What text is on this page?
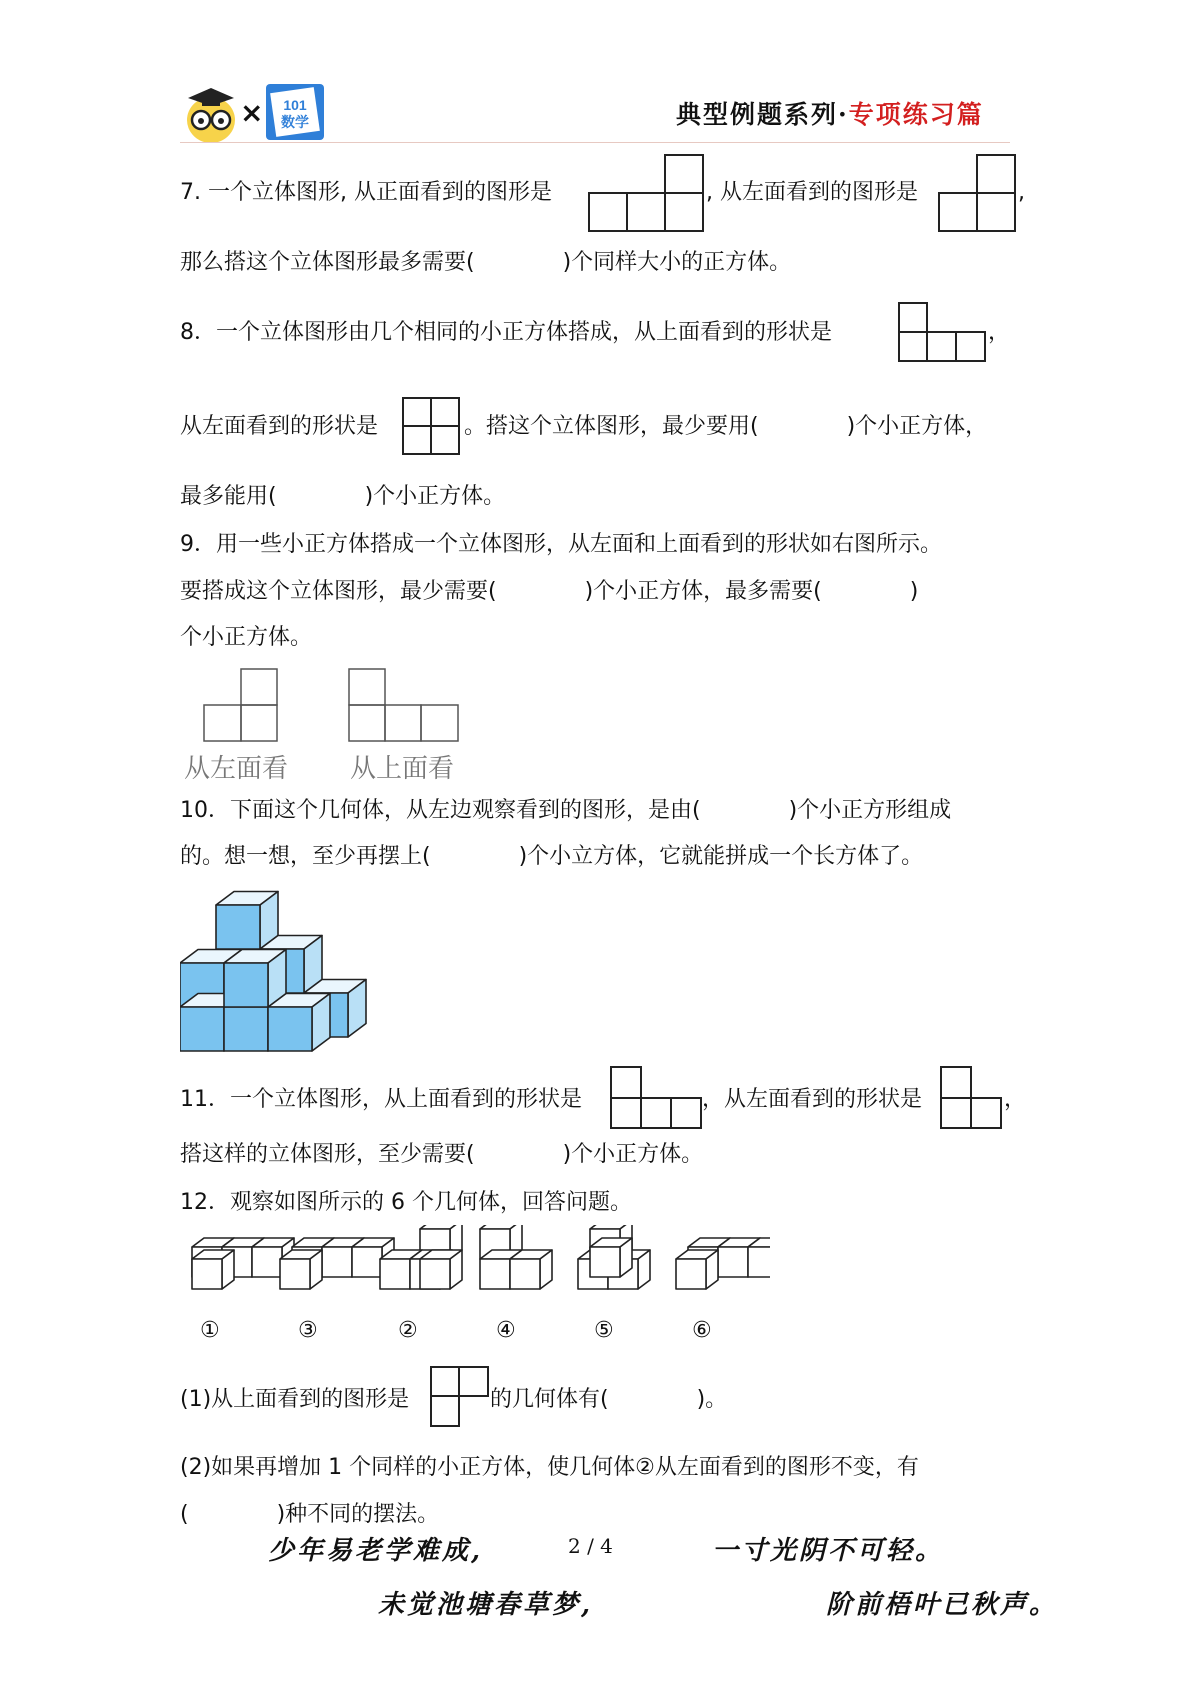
× 101
数学	典型例题系列·专项练习篇
7. 一个立体图形, 从正面看到的图形是	, 从左面看到的图形是	,
那么搭这个立体图形最多需要(　　　　)个同样大小的正方体。
8．一个立体图形由几个相同的小正方体搭成，从上面看到的形状是	，
从左面看到的形状是	。搭这个立体图形，最少要用(　　　　)个小正方体，
最多能用(　　　　)个小正方体。
9．用一些小正方体搭成一个立体图形，从左面和上面看到的形状如右图所示。
要搭成这个立体图形，最少需要(　　　　)个小正方体，最多需要(　　　　)
个小正方体。
从左面看 从上面看
10．下面这个几何体，从左边观察看到的图形，是由(　　　　)个小正方形组成
的。想一想，至少再摆上(　　　　)个小立方体，它就能拼成一个长方体了。
11．一个立体图形，从上面看到的形状是	，从左面看到的形状是	，
搭这样的立体图形，至少需要(　　　　)个小正方体。
12．观察如图所示的 6 个几何体，回答问题。
①	③	②	④	⑤	⑥
(1)从上面看到的图形是	的几何体有(　　　　)。
(2)如果再增加 1 个同样的小正方体，使几何体②从左面看到的图形不变，有
(　　　　)种不同的摆法。
少年易老学难成,	2 / 4	一寸光阴不可轻。
未觉池塘春草梦,	阶前梧叶已秋声。
